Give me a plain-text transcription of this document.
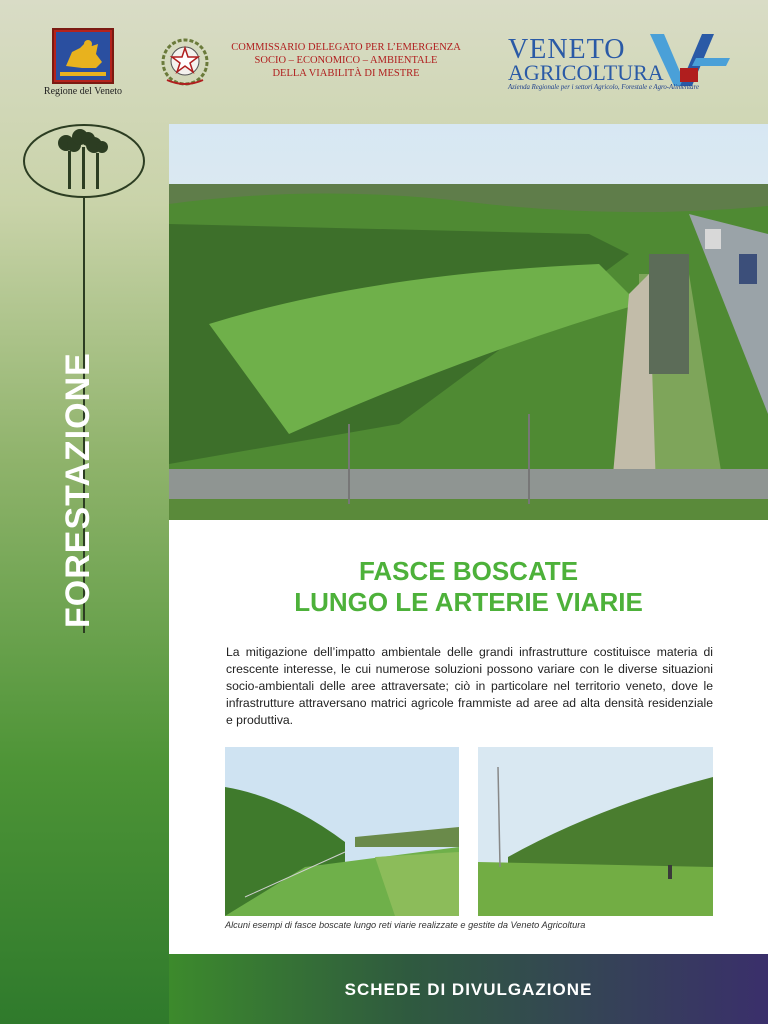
Regione del Veneto
COMMISSARIO DELEGATO PER L’EMERGENZA
SOCIO – ECONOMICO – AMBIENTALE
DELLA VIABILITÀ DI MESTRE
VENETO
AGRICOLTURA
Azienda Regionale per i settori Agricolo, Forestale e Agro-Alimentare
FORESTAZIONE	FASCE BOSCATE
LUNGO LE ARTERIE VIARIE
La mitigazione dell’impatto ambientale delle grandi infrastrutture costituisce materia di crescente interesse, le cui numerose soluzioni possono variare con le diverse situazioni socio-ambientali delle aree attraversate; ciò in particolare nel territorio veneto, dove le infrastrutture attraversano matrici agricole frammiste ad aree ad alta densità residenziale e produttiva.
Alcuni esempi di fasce boscate lungo reti viarie realizzate e gestite da Veneto Agricoltura
SCHEDE DI DIVULGAZIONE
